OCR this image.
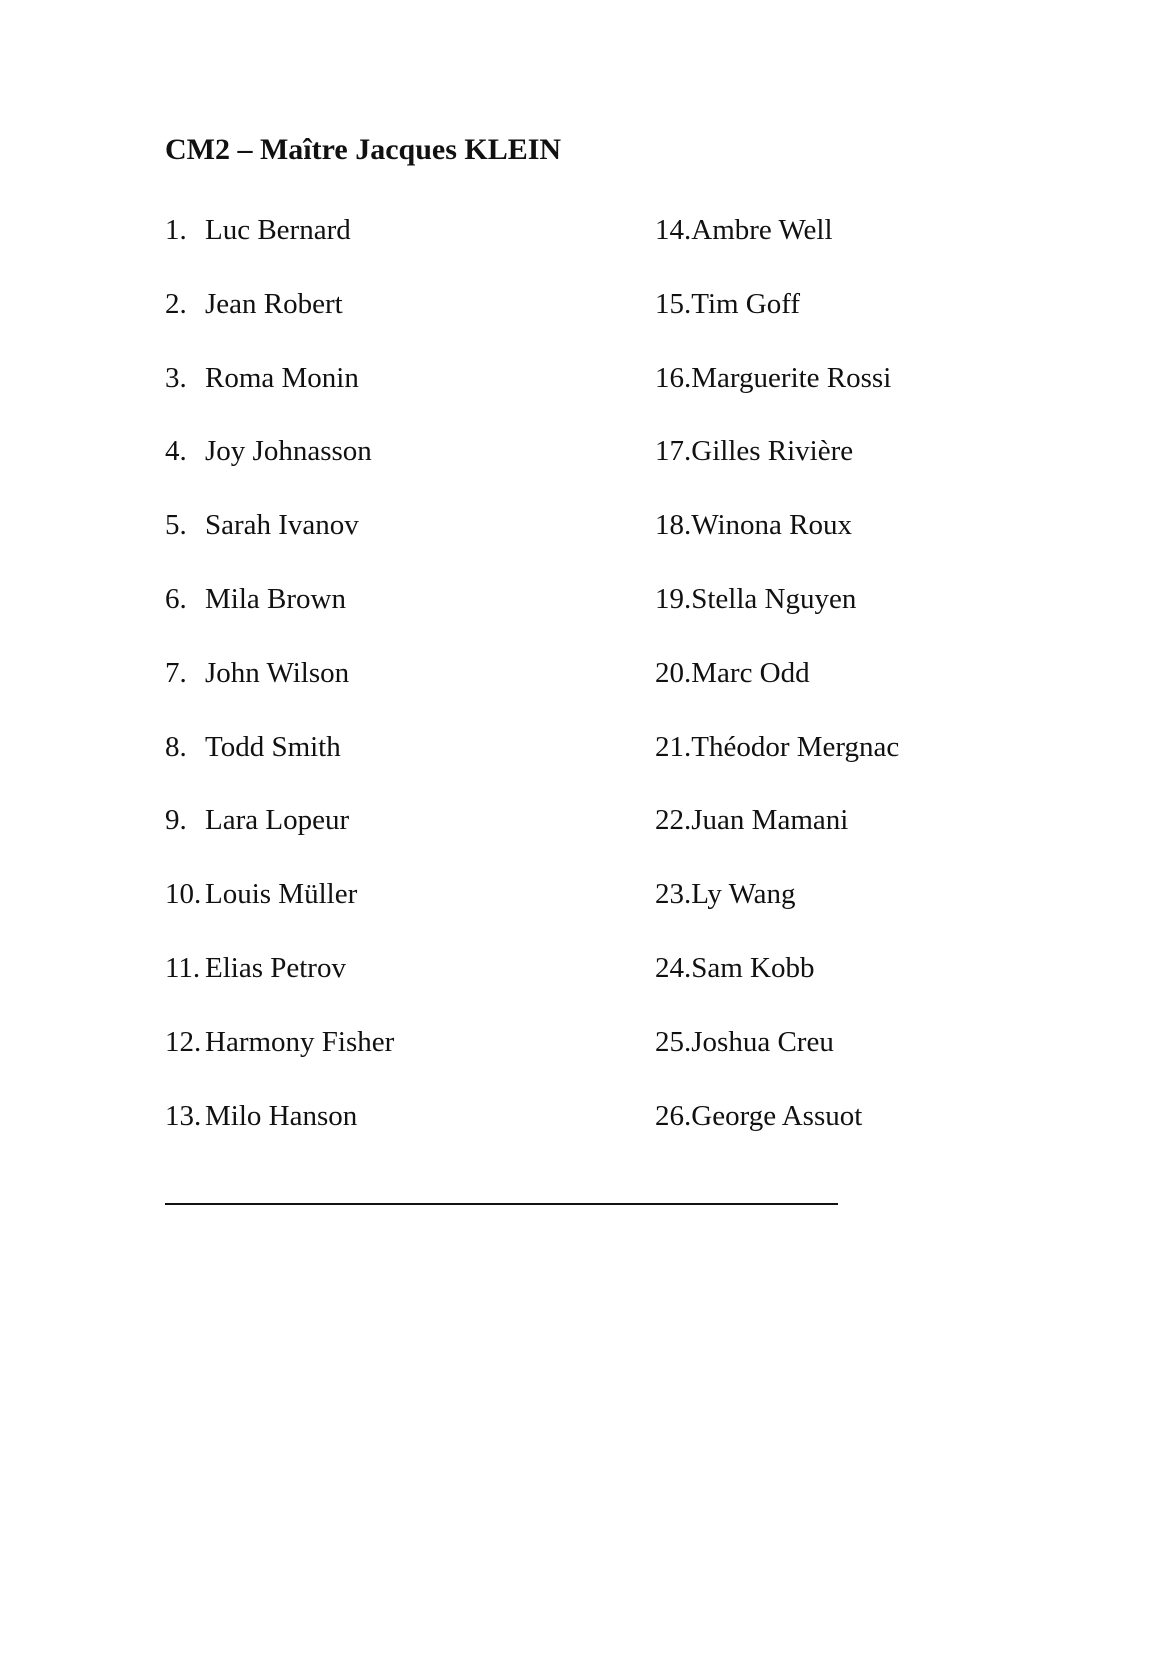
CM2 – Maître Jacques KLEIN
1. Luc Bernard
2. Jean Robert
3. Roma Monin
4. Joy Johnasson
5. Sarah Ivanov
6. Mila Brown
7. John Wilson
8. Todd Smith
9. Lara Lopeur
10. Louis Müller
11. Elias Petrov
12. Harmony Fisher
13. Milo Hanson
14.Ambre Well
15.Tim Goff
16.Marguerite Rossi
17.Gilles Rivière
18.Winona Roux
19.Stella Nguyen
20.Marc Odd
21.Théodor Mergnac
22.Juan Mamani
23.Ly Wang
24.Sam Kobb
25.Joshua Creu
26.George Assuot
